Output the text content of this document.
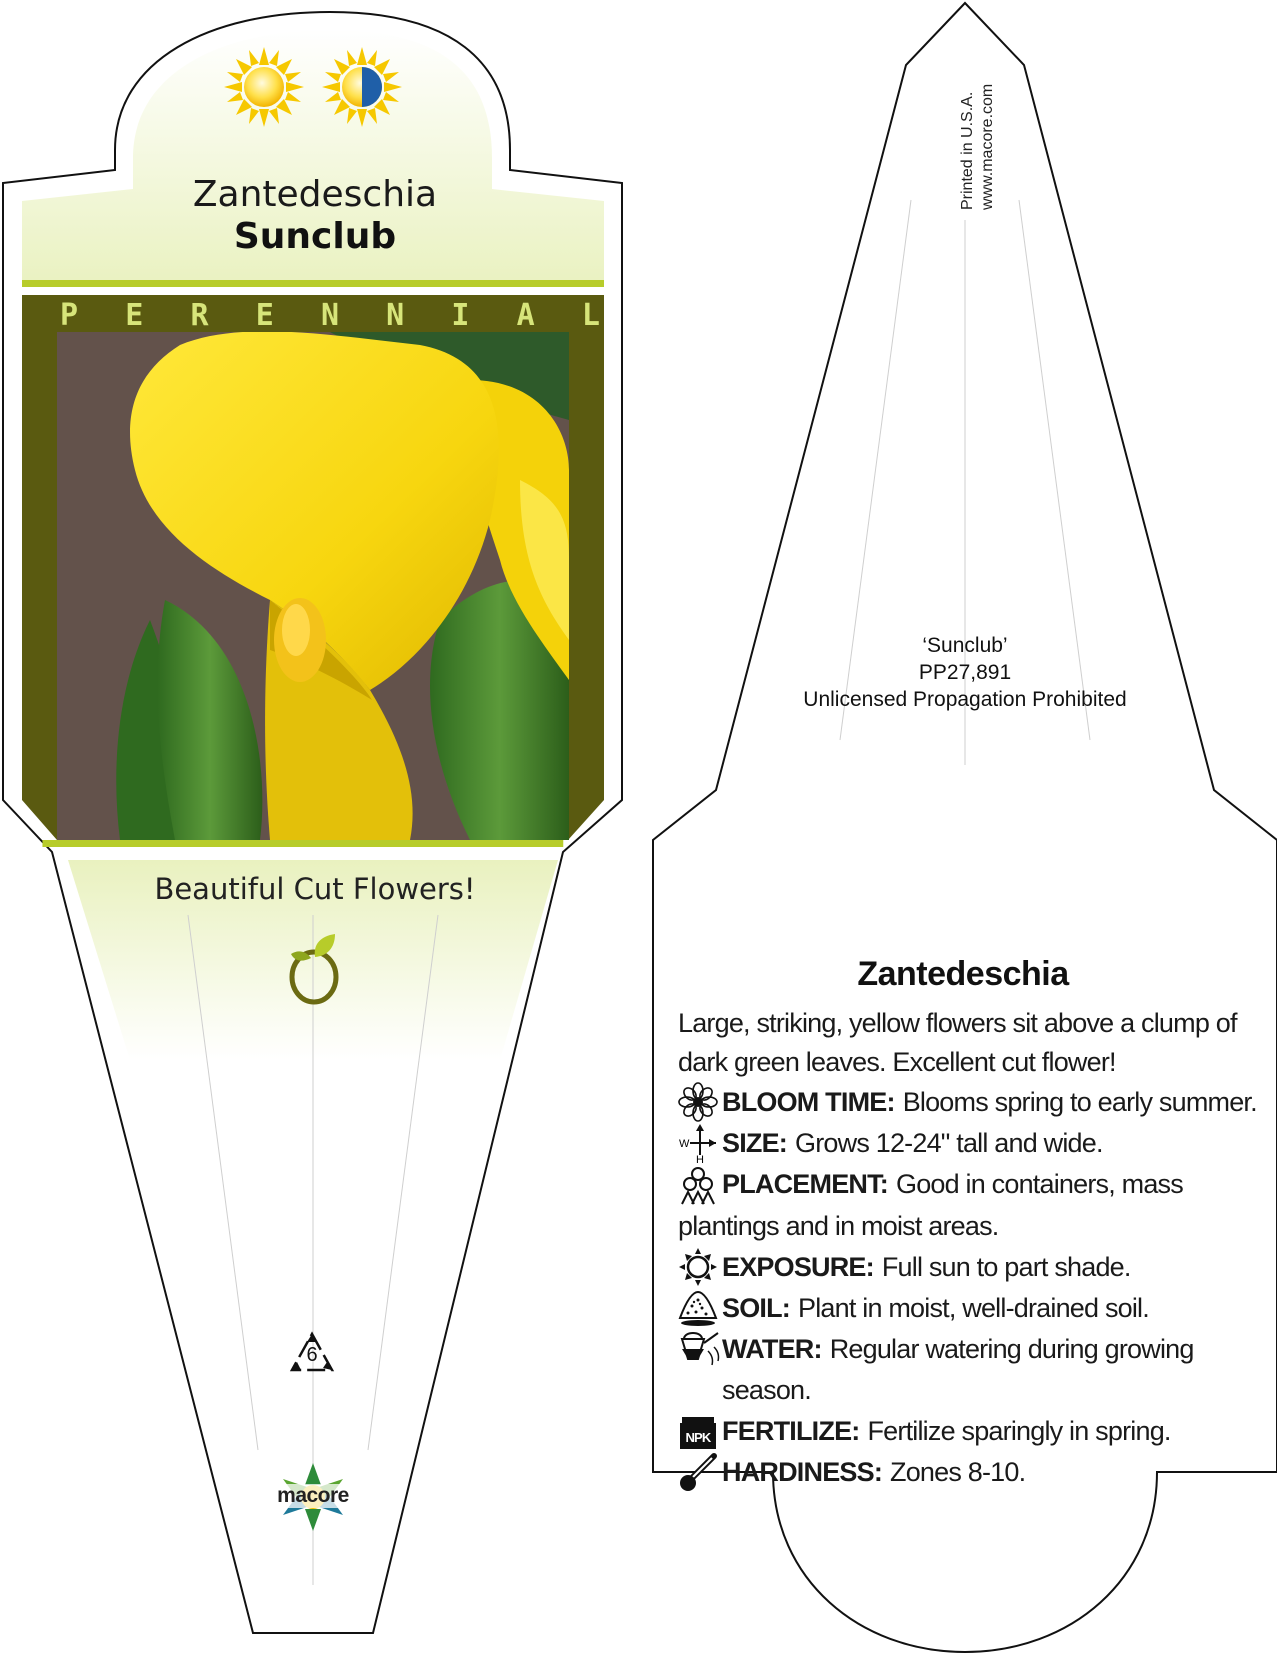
Zantedeschia
Sunclub
P E R E N N I A L
Beautiful Cut Flowers!
6
macore
Printed in U.S.A. www.macore.com
‘Sunclub’
PP27,891
Unlicensed Propagation Prohibited
Zantedeschia

Large, striking, yellow flowers sit above a clump of dark green leaves. Excellent cut flower!

BLOOM TIME: Blooms spring to early summer.
W
H
SIZE: Grows 12-24" tall and wide.
PLACEMENT: Good in containers, mass plantings and in moist areas.
EXPOSURE: Full sun to part shade.
SOIL: Plant in moist, well-drained soil.
WATER: Regular watering during growing season.
NPK FERTILIZE: Fertilize sparingly in spring.
HARDINESS: Zones 8-10.
